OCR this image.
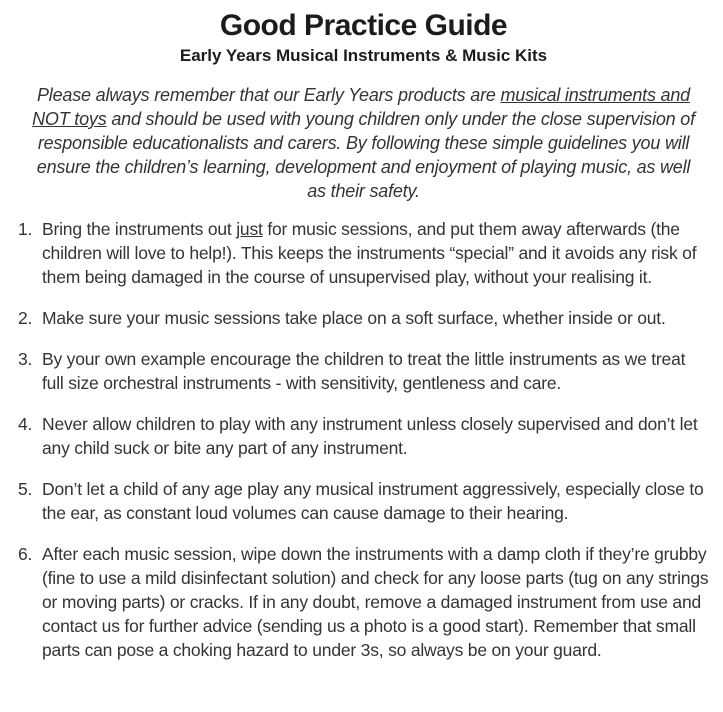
Good Practice Guide
Early Years Musical Instruments & Music Kits

Please always remember that our Early Years products are musical instruments and NOT toys and should be used with young children only under the close supervision of responsible educationalists and carers. By following these simple guidelines you will ensure the children’s learning, development and enjoyment of playing music, as well as their safety.

1. Bring the instruments out just for music sessions, and put them away afterwards (the children will love to help!). This keeps the instruments “special” and it avoids any risk of them being damaged in the course of unsupervised play, without your realising it.
2. Make sure your music sessions take place on a soft surface, whether inside or out.
3. By your own example encourage the children to treat the little instruments as we treat full size orchestral instruments - with sensitivity, gentleness and care.
4. Never allow children to play with any instrument unless closely supervised and don’t let any child suck or bite any part of any instrument.
5. Don’t let a child of any age play any musical instrument aggressively, especially close to the ear, as constant loud volumes can cause damage to their hearing.
6. After each music session, wipe down the instruments with a damp cloth if they’re grubby (fine to use a mild disinfectant solution) and check for any loose parts (tug on any strings or moving parts) or cracks. If in any doubt, remove a damaged instrument from use and contact us for further advice (sending us a photo is a good start). Remember that small parts can pose a choking hazard to under 3s, so always be on your guard.
